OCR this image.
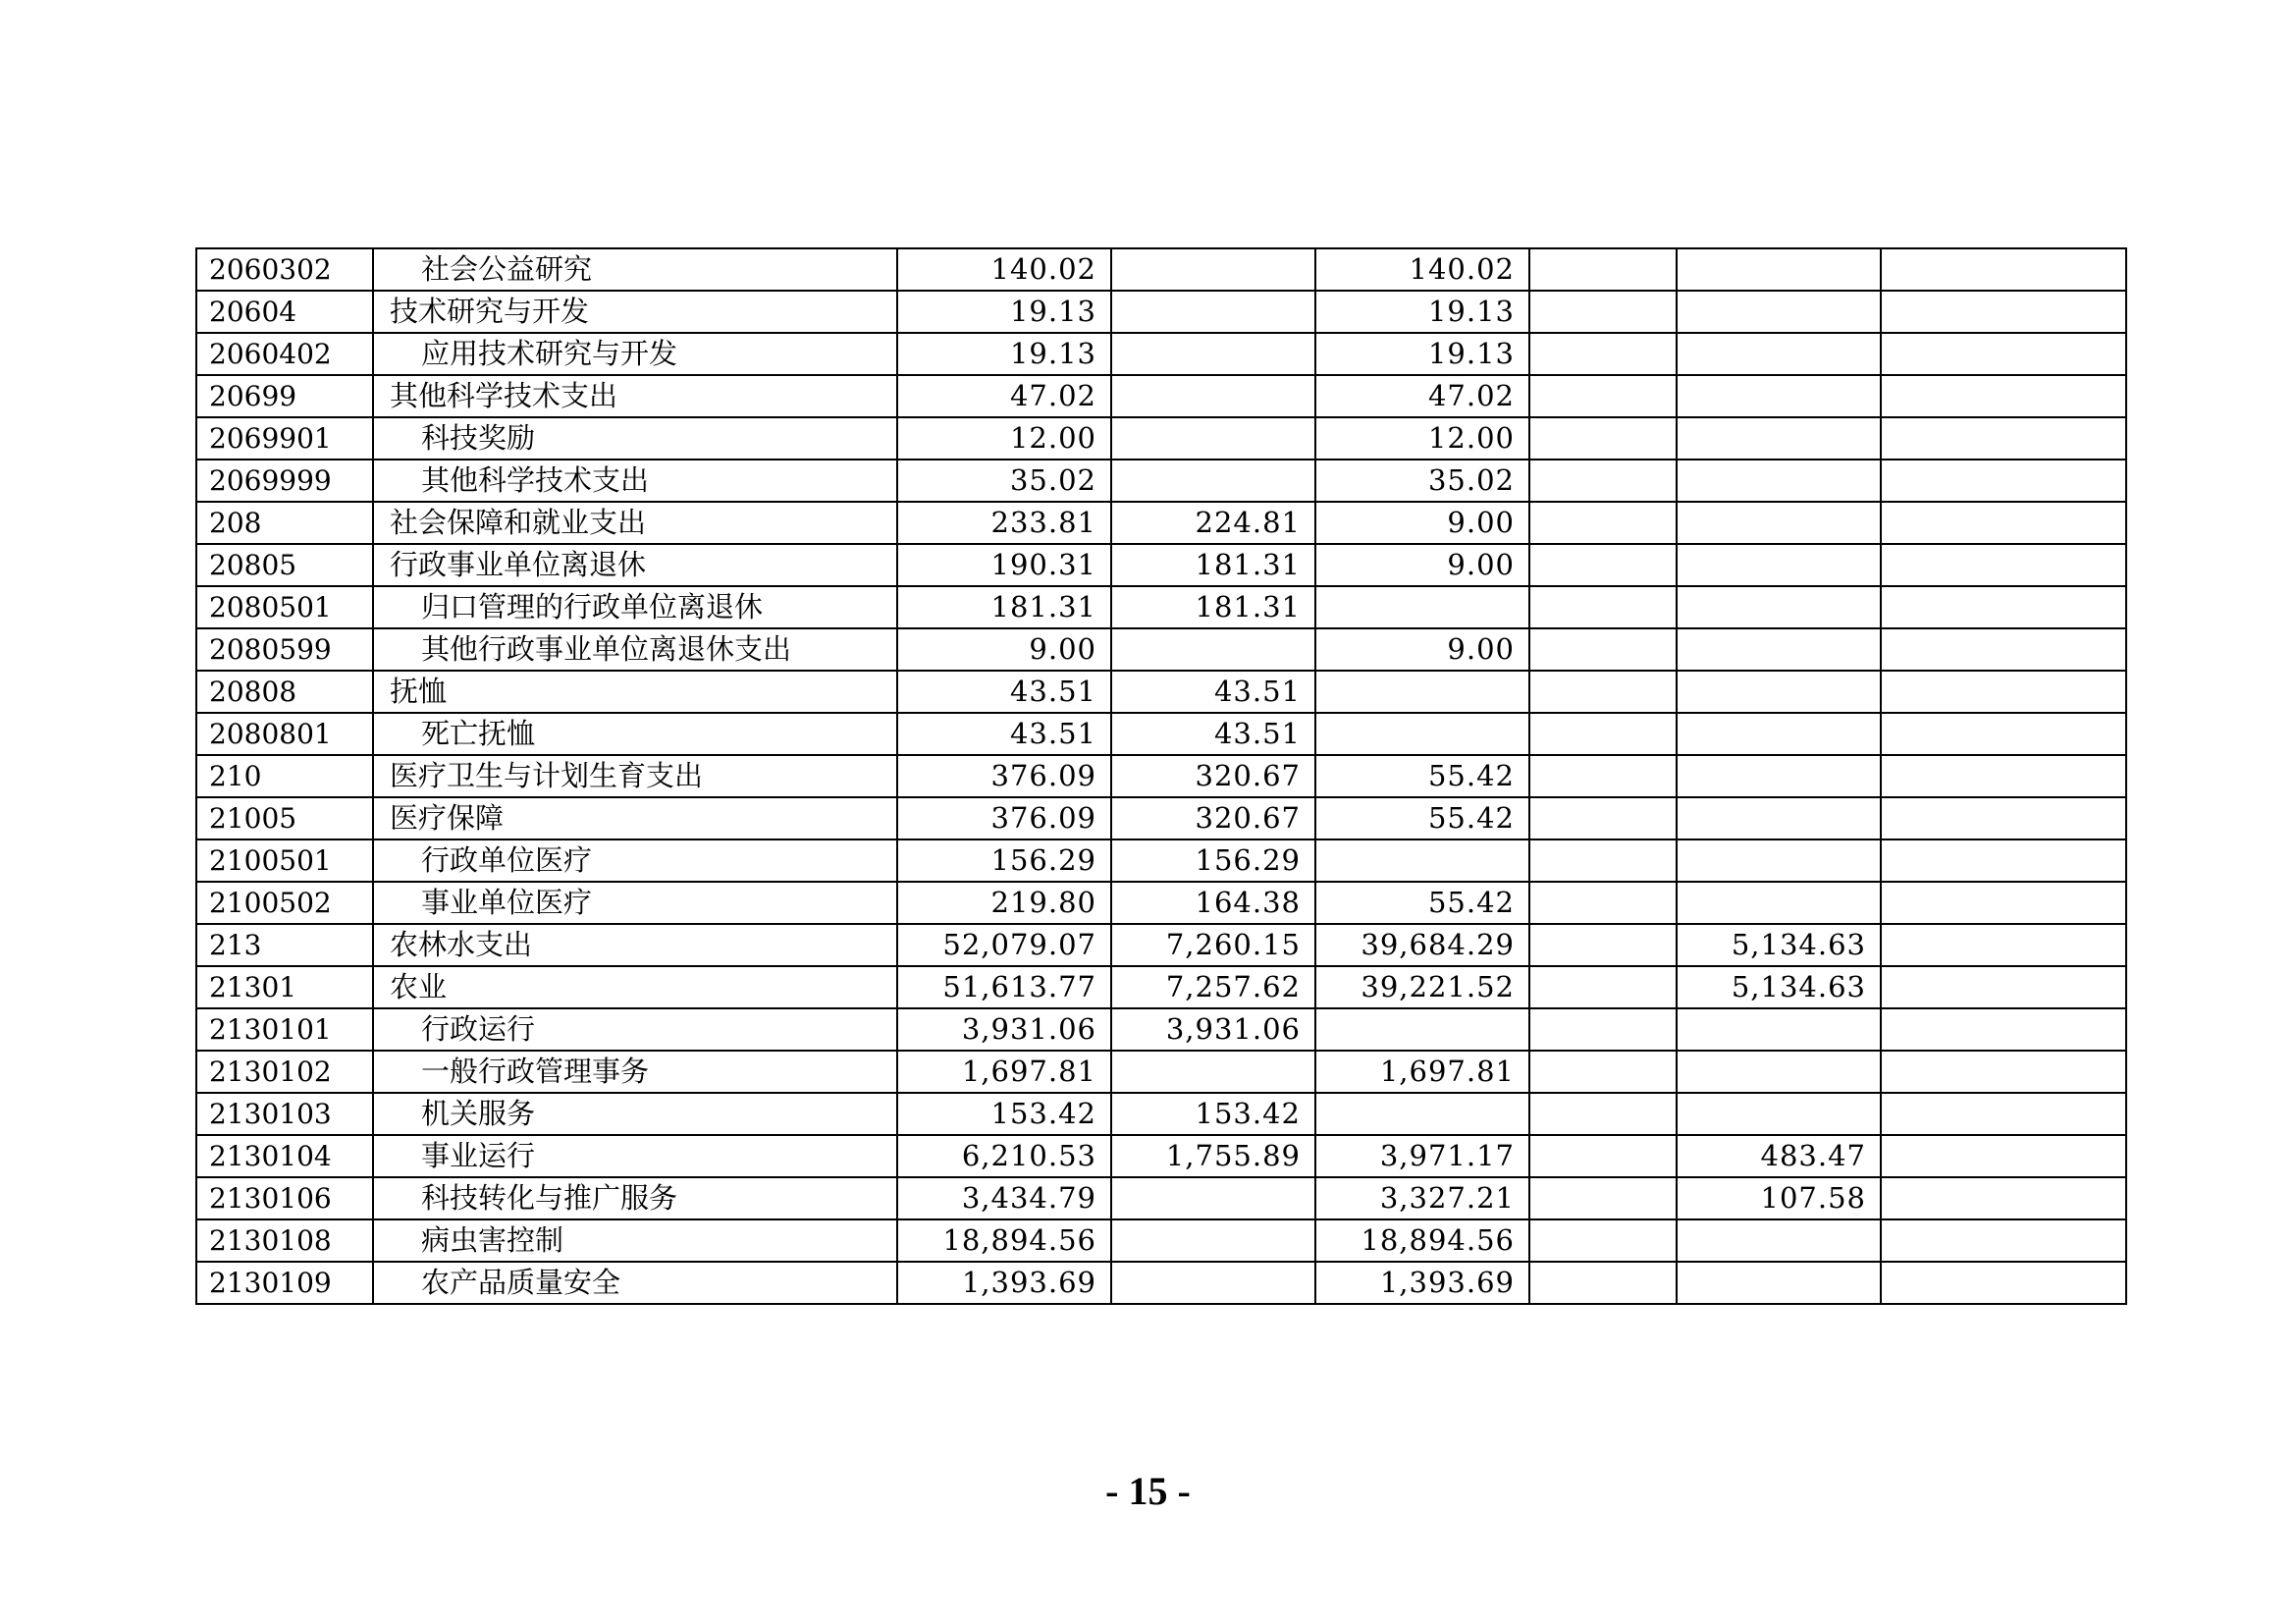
2060302	社会公益研究	140.02		140.02			
20604	技术研究与开发	19.13		19.13			
2060402	应用技术研究与开发	19.13		19.13			
20699	其他科学技术支出	47.02		47.02			
2069901	科技奖励	12.00		12.00			
2069999	其他科学技术支出	35.02		35.02			
208	社会保障和就业支出	233.81	224.81	9.00			
20805	行政事业单位离退休	190.31	181.31	9.00			
2080501	归口管理的行政单位离退休	181.31	181.31				
2080599	其他行政事业单位离退休支出	9.00		9.00			
20808	抚恤	43.51	43.51				
2080801	死亡抚恤	43.51	43.51				
210	医疗卫生与计划生育支出	376.09	320.67	55.42			
21005	医疗保障	376.09	320.67	55.42			
2100501	行政单位医疗	156.29	156.29				
2100502	事业单位医疗	219.80	164.38	55.42			
213	农林水支出	52,079.07	7,260.15	39,684.29		5,134.63	
21301	农业	51,613.77	7,257.62	39,221.52		5,134.63	
2130101	行政运行	3,931.06	3,931.06				
2130102	一般行政管理事务	1,697.81		1,697.81			
2130103	机关服务	153.42	153.42				
2130104	事业运行	6,210.53	1,755.89	3,971.17		483.47	
2130106	科技转化与推广服务	3,434.79		3,327.21		107.58	
2130108	病虫害控制	18,894.56		18,894.56			
2130109	农产品质量安全	1,393.69		1,393.69			
- 15 -
